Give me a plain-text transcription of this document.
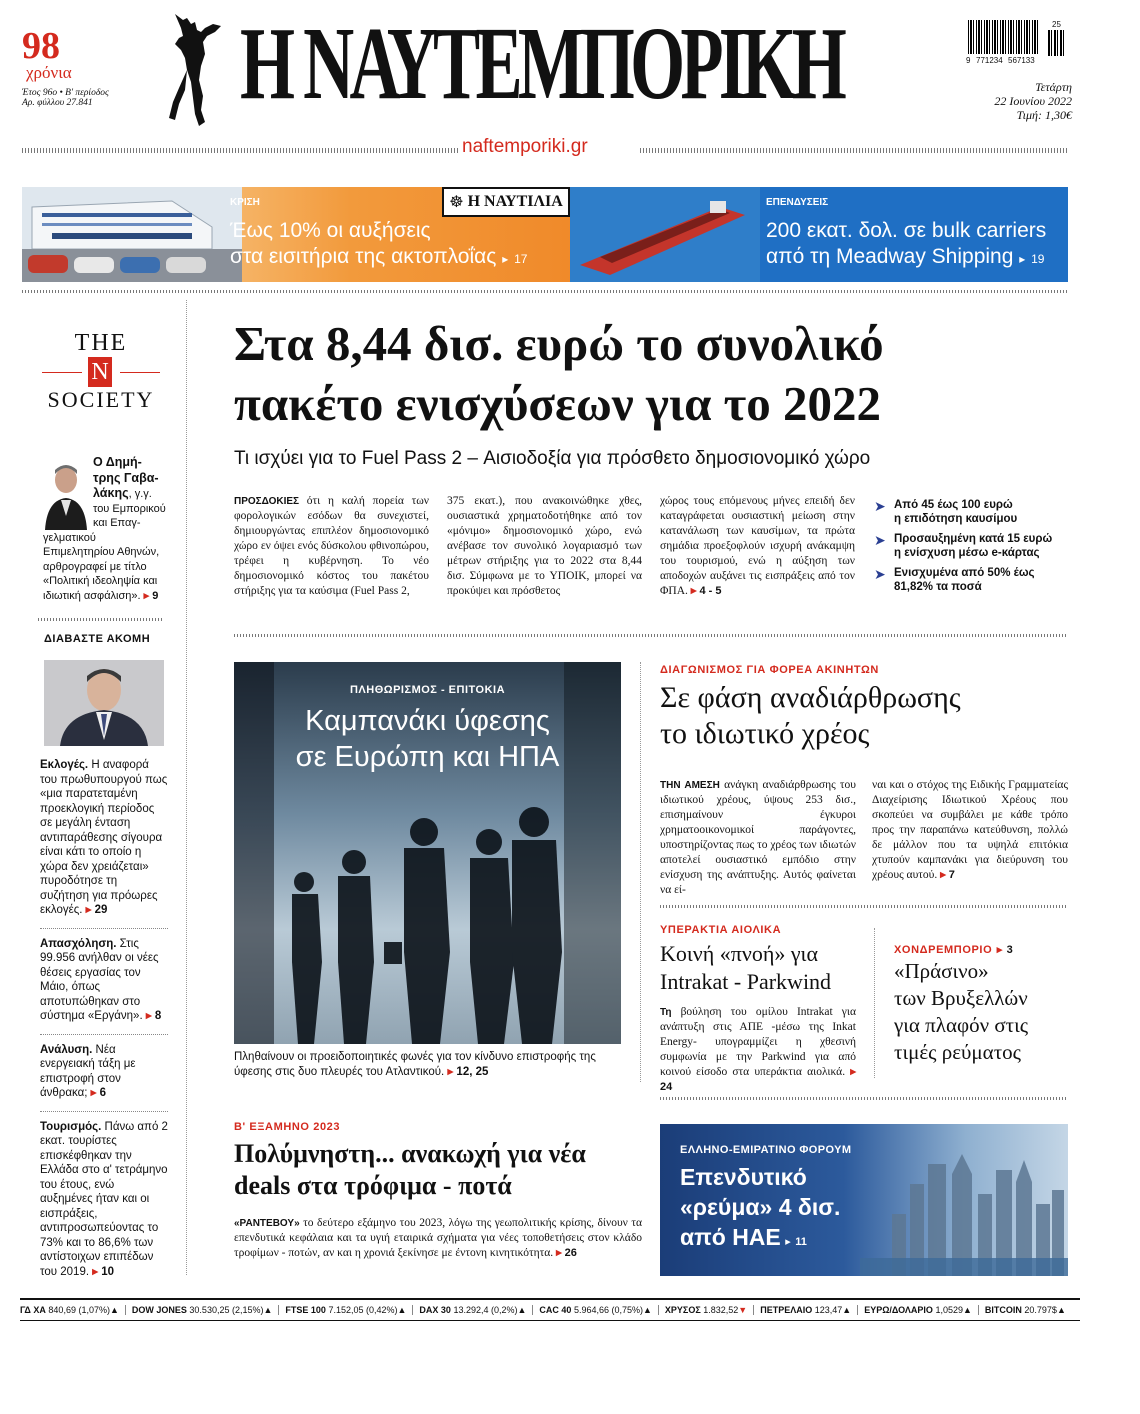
98
χρόνια
Έτος 96ο • Β' περίοδος
Αρ. φύλλου 27.841 Η ΝΑΥΤΕΜΠΟΡΙΚΗ	25
9 771234 567133
Τετάρτη
22 Ιουνίου 2022
Τιμή: 1,30€
naftemporiki.gr
ΚΡΙΣΗ
Έως 10% οι αυξήσεις
στα εισιτήρια της ακτοπλοΐας ▸ 17
☸ Η ΝΑΥΤΙΛΙΑ	ΕΠΕΝΔΥΣΕΙΣ
200 εκατ. δολ. σε bulk carriers
από τη Meadway Shipping ▸ 19
THE
N
SOCIETY

Ο Δημή-τρης Γαβα-λάκης, γ.γ. του Εμπορικού και Επαγ-γελματικού Επιμελητηρίου Αθηνών, αρθρογραφεί με τίτλο «Πολιτική ιδεοληψία και ιδιωτική ασφάλιση». ▸ 9

ΔΙΑΒΑΣΤΕ ΑΚΟΜΗ

Εκλογές. Η αναφορά του πρωθυπουργού πως «μια παρατεταμένη προεκλογική περίοδος σε μεγάλη ένταση αντιπαράθεσης σίγουρα είναι κάτι το οποίο η χώρα δεν χρειάζεται» πυροδότησε τη συζήτηση για πρόωρες εκλογές. ▸ 29

Απασχόληση. Στις 99.956 ανήλθαν οι νέες θέσεις εργασίας τον Μάιο, όπως αποτυπώθηκαν στο σύστημα «Εργάνη». ▸ 8

Ανάλυση. Νέα ενεργειακή τάξη με επιστροφή στον άνθρακα; ▸ 6

Τουρισμός. Πάνω από 2 εκατ. τουρίστες επισκέφθηκαν την Ελλάδα στο α' τετράμηνο του έτους, ενώ αυξημένες ήταν και οι εισπράξεις, αντιπροσωπεύοντας το 73% και το 86,6% των αντίστοιχων επιπέδων του 2019. ▸ 10

Στα 8,44 δισ. ευρώ το συνολικό
πακέτο ενισχύσεων για το 2022
Τι ισχύει για το Fuel Pass 2 – Αισιοδοξία για πρόσθετο δημοσιονομικό χώρο

ΠΡΟΣΔΟΚΙΕΣ ότι η καλή πορεία των φορολογικών εσόδων θα συνεχιστεί, δημιουργώντας επιπλέον δημοσιονομικό χώρο εν όψει ενός δύσκολου φθινοπώρου, τρέφει η κυβέρνηση. Το νέο δημοσιονομικό κόστος του πακέτου στήριξης για τα καύσιμα (Fuel Pass 2,

375 εκατ.), που ανακοινώθηκε χθες, ουσιαστικά χρηματοδοτήθηκε από τον «μόνιμο» δημοσιονομικό χώρο, ενώ ανέβασε τον συνολικό λογαριασμό των μέτρων στήριξης για το 2022 στα 8,44 δισ. Σύμφωνα με το ΥΠΟΙΚ, μπορεί να προκύψει και πρόσθετος

χώρος τους επόμενους μήνες επειδή δεν καταγράφεται ουσιαστική μείωση στην κατανάλωση των καυσίμων, τα πρώτα σημάδια προεξοφλούν ισχυρή ανάκαμψη του τουρισμού, ενώ η αύξηση των αποδοχών αυξάνει τις εισπράξεις από τον ΦΠΑ. ▸ 4 - 5

➤ Από 45 έως 100 ευρώ
η επιδότηση καυσίμου
➤ Προσαυξημένη κατά 15 ευρώ
η ενίσχυση μέσω e-κάρτας
➤ Ενισχυμένα από 50% έως
81,82% τα ποσά
ΠΛΗΘΩΡΙΣΜΟΣ - ΕΠΙΤΟΚΙΑ
Καμπανάκι ύφεσης
σε Ευρώπη και ΗΠΑ

Πληθαίνουν οι προειδοποιητικές φωνές για τον κίνδυνο επιστροφής της ύφεσης στις δυο πλευρές του Ατλαντικού. ▸ 12, 25

ΔΙΑΓΩΝΙΣΜΟΣ ΓΙΑ ΦΟΡΕΑ ΑΚΙΝΗΤΩΝ
Σε φάση αναδιάρθρωσης
το ιδιωτικό χρέος

ΤΗΝ ΑΜΕΣΗ ανάγκη αναδιάρθρωσης του ιδιωτικού χρέους, ύψους 253 δισ., επισημαίνουν έγκυροι χρηματοοικονομικοί παράγοντες, υποστηρίζοντας πως το χρέος των ιδιωτών αποτελεί ουσιαστικό εμπόδιο στην ενίσχυση της ανάπτυξης. Αυτός φαίνεται να εί-

ναι και ο στόχος της Ειδικής Γραμματείας Διαχείρισης Ιδιωτικού Χρέους που σκοπεύει να συμβάλει με κάθε τρόπο προς την παραπάνω κατεύθυνση, πολλώ δε μάλλον που τα υψηλά επιτόκια χτυπούν καμπανάκι για διεύρυνση του χρέους αυτού. ▸ 7

ΥΠΕΡΑΚΤΙΑ ΑΙΟΛΙΚΑ
Κοινή «πνοή» για
Intrakat - Parkwind

Τη βούληση του ομίλου Intrakat για ανάπτυξη στις ΑΠΕ -μέσω της Inkat Energy- υπογραμμίζει η χθεσινή συμφωνία με την Parkwind για από κοινού είσοδο στα υπεράκτια αιολικά. ▸ 24

ΧΟΝΔΡΕΜΠΟΡΙΟ ▸ 3
«Πράσινο»
των Βρυξελλών
για πλαφόν στις
τιμές ρεύματος
Β' ΕΞΑΜΗΝΟ 2023
Πολύμνηστη... ανακωχή για νέα
deals στα τρόφιμα - ποτά

«ΡΑΝΤΕΒΟΥ» το δεύτερο εξάμηνο του 2023, λόγω της γεωπολιτικής κρίσης, δίνουν τα επενδυτικά κεφάλαια και τα υγιή εταιρικά σχήματα για νέες τοποθετήσεις στον κλάδο τροφίμων - ποτών, αν και η χρονιά ξεκίνησε με έντονη κινητικότητα. ▸ 26

ΕΛΛΗΝΟ-ΕΜΙΡΑΤΙΝΟ ΦΟΡΟΥΜ
Επενδυτικό
«ρεύμα» 4 δισ.
από ΗΑΕ ▸ 11
ΓΔ ΧΑ 840,69 (1,07%)▲	DOW JONES 30.530,25 (2,15%)▲	FTSE 100 7.152,05 (0,42%)▲	DAX 30 13.292,4 (0,2%)▲	CAC 40 5.964,66 (0,75%)▲	ΧΡΥΣΟΣ 1.832,52▼	ΠΕΤΡΕΛΑΙΟ 123,47▲	ΕΥΡΩ/ΔΟΛΑΡΙΟ 1,0529▲	BITCOIN 20.797$▲
